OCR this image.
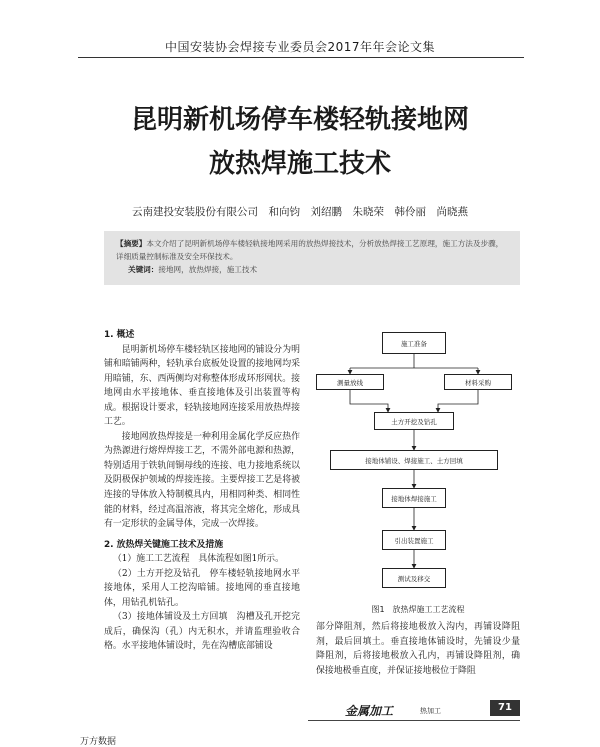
中国安装协会焊接专业委员会2017年年会论文集
昆明新机场停车楼轻轨接地网
放热焊施工技术
云南建投安装股份有限公司　和向钧　刘绍鹏　朱晓荣　韩伶丽　尚晓燕
【摘要】本文介绍了昆明新机场停车楼轻轨接地网采用的放热焊接技术，分析放热焊接工艺原理，施工方法及步骤，详细质量控制标准及安全环保技术。
关键词：接地网，放热焊接，施工技术
1. 概述

昆明新机场停车楼轻轨区接地网的铺设分为明铺和暗铺两种，轻轨承台底板处设置的接地网均采用暗铺，东、西两侧均对称整体形成环形网状。接地网由水平接地体、垂直接地体及引出装置等构成。根据设计要求，轻轨接地网连接采用放热焊接工艺。

接地网放热焊接是一种利用金属化学反应热作为热源进行熔焊焊接工艺，不需外部电源和热源，特别适用于铁轨间铜母线的连接、电力接地系统以及阴极保护领域的焊接连接。主要焊接工艺是将被连接的导体放入特制模具内，用相同种类、相同性能的材料，经过高温溶液，将其完全熔化，形成具有一定形状的金属导体，完成一次焊接。

2. 放热焊关键施工技术及措施

（1）施工工艺流程　具体流程如图1所示。

（2）土方开挖及钻孔　停车楼轻轨接地网水平接地体，采用人工挖沟暗铺。接地网的垂直接地体，用钻孔机钻孔。

（3）接地体铺设及土方回填　沟槽及孔开挖完成后，确保沟（孔）内无积水，并请监理验收合格。水平接地体铺设时，先在沟槽底部铺设

施工准备
测量放线	材料采购
土方开挖及钻孔
接地体铺设、焊接施工、土方回填
接地体焊接施工
引出装置施工
测试及移交
图1　放热焊施工工艺流程

部分降阻剂，然后将接地极放入沟内，再铺设降阻剂，最后回填土。垂直接地体铺设时，先铺设少量降阻剂，后将接地极放入孔内，再铺设降阻剂，确保接地极垂直度，并保证接地极位于降阻

金属加工	热加工	71
万方数据
